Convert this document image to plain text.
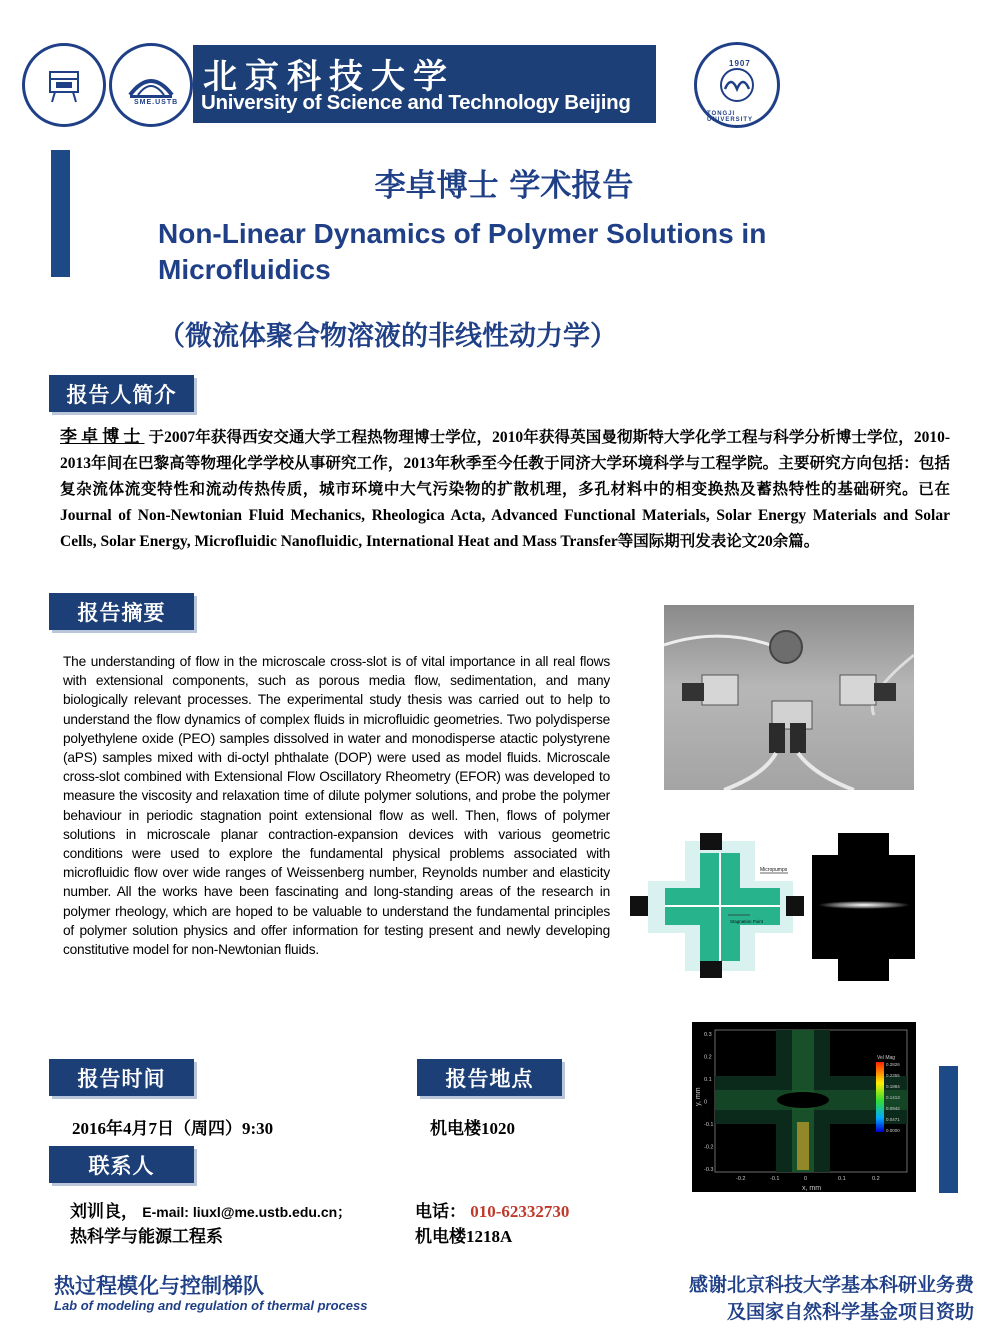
SME.USTB
北京科技大学
University of Science and Technology Beijing
1907
TONGJI UNIVERSITY
李卓博士 学术报告
Non-Linear Dynamics of Polymer Solutions in Microfluidics
（微流体聚合物溶液的非线性动力学）
报告人简介
李卓博士 于2007年获得西安交通大学工程热物理博士学位，2010年获得英国曼彻斯特大学化学工程与科学分析博士学位，2010-2013年间在巴黎高等物理化学学校从事研究工作，2013年秋季至今任教于同济大学环境科学与工程学院。主要研究方向包括：包括复杂流体流变特性和流动传热传质，城市环境中大气污染物的扩散机理，多孔材料中的相变换热及蓄热特性的基础研究。已在Journal of Non-Newtonian Fluid Mechanics, Rheologica Acta, Advanced Functional Materials, Solar Energy Materials and Solar Cells, Solar Energy, Microfluidic Nanofluidic, International Heat and Mass Transfer等国际期刊发表论文20余篇。
报告摘要
The understanding of flow in the microscale cross-slot is of vital importance in all real flows with extensional components, such as porous media flow, sedimentation, and many biologically relevant processes. The experimental study thesis was carried out to help to understand the flow dynamics of complex fluids in microfluidic geometries. Two polydisperse polyethylene oxide (PEO) samples dissolved in water and monodisperse atactic polystyrene (aPS) samples mixed with di-octyl phthalate (DOP) were used as model fluids. Microscale cross-slot combined with Extensional Flow Oscillatory Rheometry (EFOR) was developed to measure the viscosity and relaxation time of dilute polymer solutions, and probe the polymer behaviour in periodic stagnation point extensional flow as well. Then, flows of polymer solutions in microscale planar contraction-expansion devices with various geometric conditions were used to explore the fundamental physical problems associated with microfluidic flow over wide ranges of Weissenberg number, Reynolds number and elasticity number. All the works have been fascinating and long-standing areas of the research in polymer rheology, which are hoped to be valuable to understand the fundamental principles of polymer solution physics and offer information for testing present and newly developing constitutive model for non-Newtonian fluids.
Micropumps
Stagnation Point
Vel Mag
0.2826
0.2355
0.1884
0.1413
0.0942
0.0471
0.0000
0.3
0.2
0.1
0
-0.1
-0.2
-0.3
-0.2	-0.1	0	0.1	0.2
y, mm
x, mm
报告时间	报告地点
2016年4月7日（周四）9:30	机电楼1020
联系人
刘训良， E-mail: liuxl@me.ustb.edu.cn；	电话： 010-62332730
热科学与能源工程系	机电楼1218A
热过程模化与控制梯队
Lab of modeling and regulation of thermal process
感谢北京科技大学基本科研业务费
及国家自然科学基金项目资助
